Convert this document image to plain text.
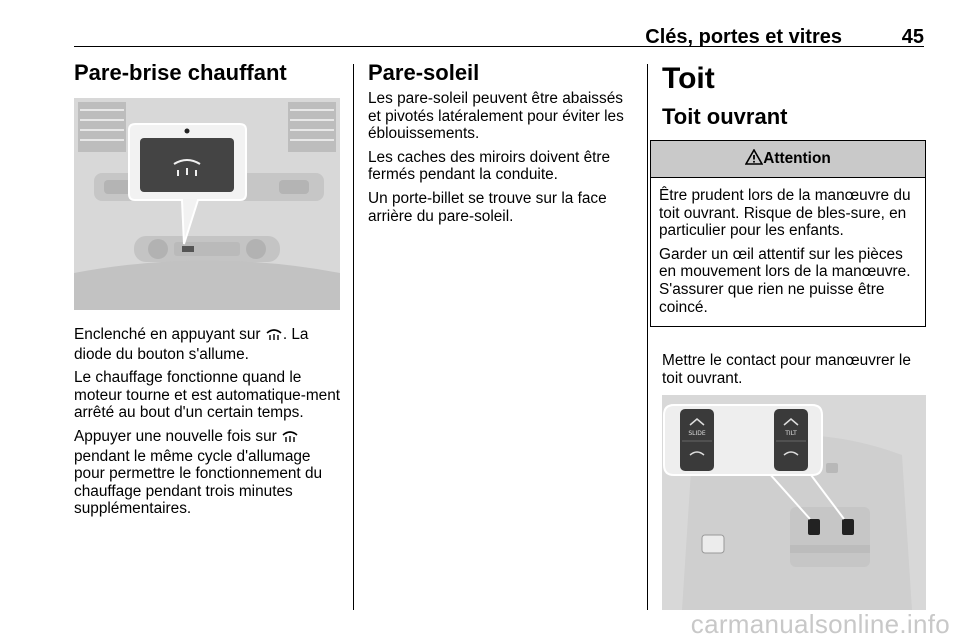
Clés, portes et vitres	45
Pare-brise chauffant

Enclenché en appuyant sur . La diode du bouton s'allume.

Le chauffage fonctionne quand le moteur tourne et est automatique-ment arrêté au bout d'un certain temps.

Appuyer une nouvelle fois sur  pendant le même cycle d'allumage pour permettre le fonctionnement du chauffage pendant trois minutes supplémentaires.

Pare-soleil

Les pare-soleil peuvent être abaissés et pivotés latéralement pour éviter les éblouissements.

Les caches des miroirs doivent être fermés pendant la conduite.

Un porte-billet se trouve sur la face arrière du pare-soleil.

Toit
Toit ouvrant
Attention

Être prudent lors de la manœuvre du toit ouvrant. Risque de bles-sure, en particulier pour les enfants.

Garder un œil attentif sur les pièces en mouvement lors de la manœuvre. S'assurer que rien ne puisse être coincé.

Mettre le contact pour manœuvrer le toit ouvrant.

SLIDE	TILT
carmanualsonline.info
